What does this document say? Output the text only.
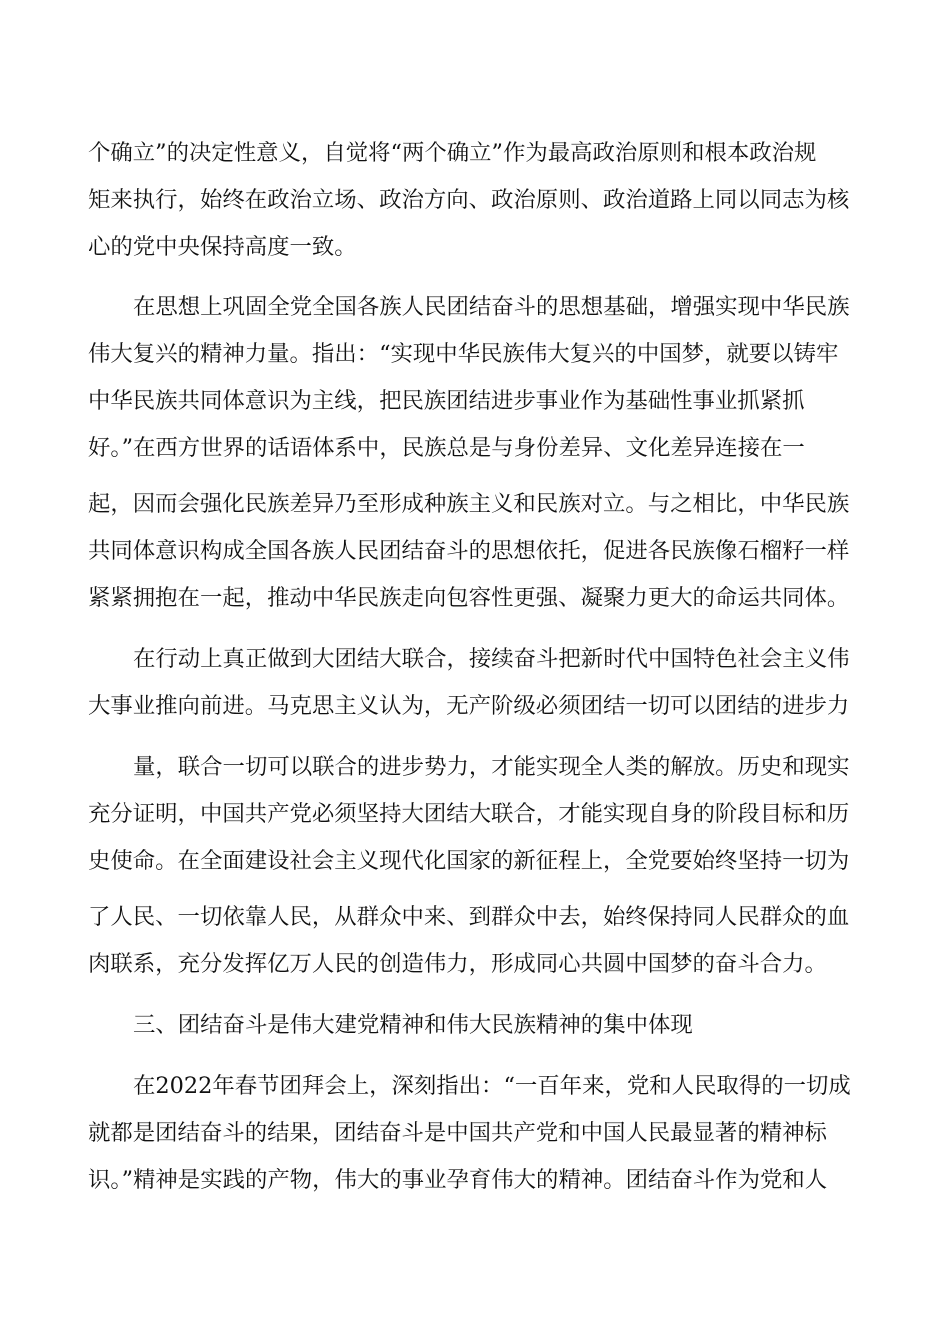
个确立”的决定性意义，自觉将“两个确立”作为最高政治原则和根本政治规
矩来执行，始终在政治立场、政治方向、政治原则、政治道路上同以同志为核
心的党中央保持高度一致。
在思想上巩固全党全国各族人民团结奋斗的思想基础，增强实现中华民族
伟大复兴的精神力量。指出：“实现中华民族伟大复兴的中国梦，就要以铸牢
中华民族共同体意识为主线，把民族团结进步事业作为基础性事业抓紧抓
好。”在西方世界的话语体系中，民族总是与身份差异、文化差异连接在一
起，因而会强化民族差异乃至形成种族主义和民族对立。与之相比，中华民族
共同体意识构成全国各族人民团结奋斗的思想依托，促进各民族像石榴籽一样
紧紧拥抱在一起，推动中华民族走向包容性更强、凝聚力更大的命运共同体。
在行动上真正做到大团结大联合，接续奋斗把新时代中国特色社会主义伟
大事业推向前进。马克思主义认为，无产阶级必须团结一切可以团结的进步力
量，联合一切可以联合的进步势力，才能实现全人类的解放。历史和现实
充分证明，中国共产党必须坚持大团结大联合，才能实现自身的阶段目标和历
史使命。在全面建设社会主义现代化国家的新征程上，全党要始终坚持一切为
了人民、一切依靠人民，从群众中来、到群众中去，始终保持同人民群众的血
肉联系，充分发挥亿万人民的创造伟力，形成同心共圆中国梦的奋斗合力。
三、团结奋斗是伟大建党精神和伟大民族精神的集中体现
在2022年春节团拜会上，深刻指出：“一百年来，党和人民取得的一切成
就都是团结奋斗的结果，团结奋斗是中国共产党和中国人民最显著的精神标
识。”精神是实践的产物，伟大的事业孕育伟大的精神。团结奋斗作为党和人
